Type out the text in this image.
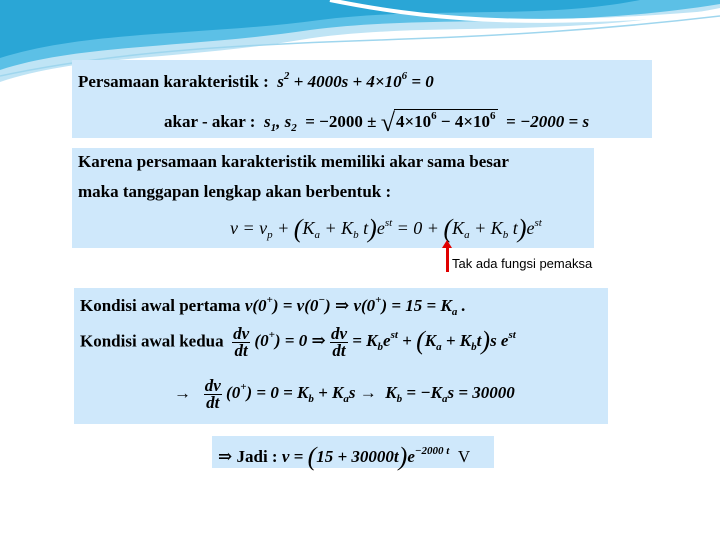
Persamaan karakteristik : $s^2 + 4000s + 4\times 10^6 = 0$
akar - akar : $s_1$, $s_2 = -2000 \pm √4\times 10^6 - 4\times 10^6 = -2000 = s$
Karena persamaan karakteristik memiliki akar sama besar
maka tanggapan lengkap akan berbentuk :
$v = v_p + (K_a + K_b$ $t)e^{st} = 0 + (K_a + K_b$ $t)e^{st}$
Tak ada fungsi pemaksa
Kondisi awal pertama v(0+) = v(0−) ⇒ $v(0^+) = 15 = K_a$ .
Kondisi awal kedua $\frac{dv}{dt} (0^+) = 0$ ⇒ $\frac{dv}{dt} = K_be^{st} + (K_a + K_bt)s$ $e^{st}$
→ $\frac{dv}{dt} (0^+) = 0 = K_b + K_as \to K_b = -K_as = 30000$
⇒ Jadi : $v = (15 + 30000t)e^{-2000 t}$ V
